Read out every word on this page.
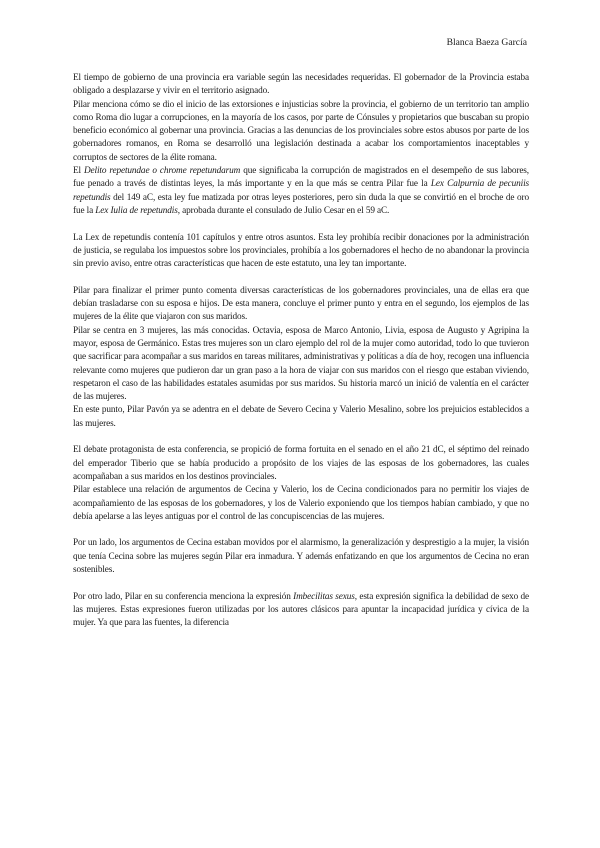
Blanca Baeza García

El tiempo de gobierno de una provincia era variable según las necesidades requeridas. El gobernador de la Provincia estaba obligado a desplazarse y vivir en el territorio asignado.

Pilar menciona cómo se dio el inicio de las extorsiones e injusticias sobre la provincia, el gobierno de un territorio tan amplio como Roma dio lugar a corrupciones, en la mayoría de los casos, por parte de Cónsules y propietarios que buscaban su propio beneficio económico al gobernar una provincia. Gracias a las denuncias de los provinciales sobre estos abusos por parte de los gobernadores romanos, en Roma se desarrolló una legislación destinada a acabar los comportamientos inaceptables y corruptos de sectores de la élite romana.

El Delito repetundae o chrome repetundarum que significaba la corrupción de magistrados en el desempeño de sus labores, fue penado a través de distintas leyes, la más importante y en la que más se centra Pilar fue la Lex Calpurnia de pecuniis repetundis del 149 aC, esta ley fue matizada por otras leyes posteriores, pero sin duda la que se convirtió en el broche de oro fue la Lex Iulia de repetundis, aprobada durante el consulado de Julio Cesar en el 59 aC.

La Lex de repetundis contenía 101 capítulos y entre otros asuntos. Esta ley prohibía recibir donaciones por la administración de justicia, se regulaba los impuestos sobre los provinciales, prohibía a los gobernadores el hecho de no abandonar la provincia sin previo aviso, entre otras características que hacen de este estatuto, una ley tan importante.

Pilar para finalizar el primer punto comenta diversas características de los gobernadores provinciales, una de ellas era que debían trasladarse con su esposa e hijos. De esta manera, concluye el primer punto y entra en el segundo, los ejemplos de las mujeres de la élite que viajaron con sus maridos.

Pilar se centra en 3 mujeres, las más conocidas. Octavia, esposa de Marco Antonio, Livia, esposa de Augusto y Agripina la mayor, esposa de Germánico. Estas tres mujeres son un claro ejemplo del rol de la mujer como autoridad, todo lo que tuvieron que sacrificar para acompañar a sus maridos en tareas militares, administrativas y políticas a día de hoy, recogen una influencia relevante como mujeres que pudieron dar un gran paso a la hora de viajar con sus maridos con el riesgo que estaban viviendo, respetaron el caso de las habilidades estatales asumidas por sus maridos. Su historia marcó un inició de valentía en el carácter de las mujeres.

En este punto, Pilar Pavón ya se adentra en el debate de Severo Cecina y Valerio Mesalino, sobre los prejuicios establecidos a las mujeres.

El debate protagonista de esta conferencia, se propició de forma fortuita en el senado en el año 21 dC, el séptimo del reinado del emperador Tiberio que se había producido a propósito de los viajes de las esposas de los gobernadores, las cuales acompañaban a sus maridos en los destinos provinciales.

Pilar establece una relación de argumentos de Cecina y Valerio, los de Cecina condicionados para no permitir los viajes de acompañamiento de las esposas de los gobernadores, y los de Valerio exponiendo que los tiempos habían cambiado, y que no debía apelarse a las leyes antiguas por el control de las concupiscencias de las mujeres.

Por un lado, los argumentos de Cecina estaban movidos por el alarmismo, la generalización y desprestigio a la mujer, la visión que tenía Cecina sobre las mujeres según Pilar era inmadura. Y además enfatizando en que los argumentos de Cecina no eran sostenibles.

Por otro lado, Pilar en su conferencia menciona la expresión Imbecilitas sexus, esta expresión significa la debilidad de sexo de las mujeres. Estas expresiones fueron utilizadas por los autores clásicos para apuntar la incapacidad jurídica y cívica de la mujer. Ya que para las fuentes, la diferencia
